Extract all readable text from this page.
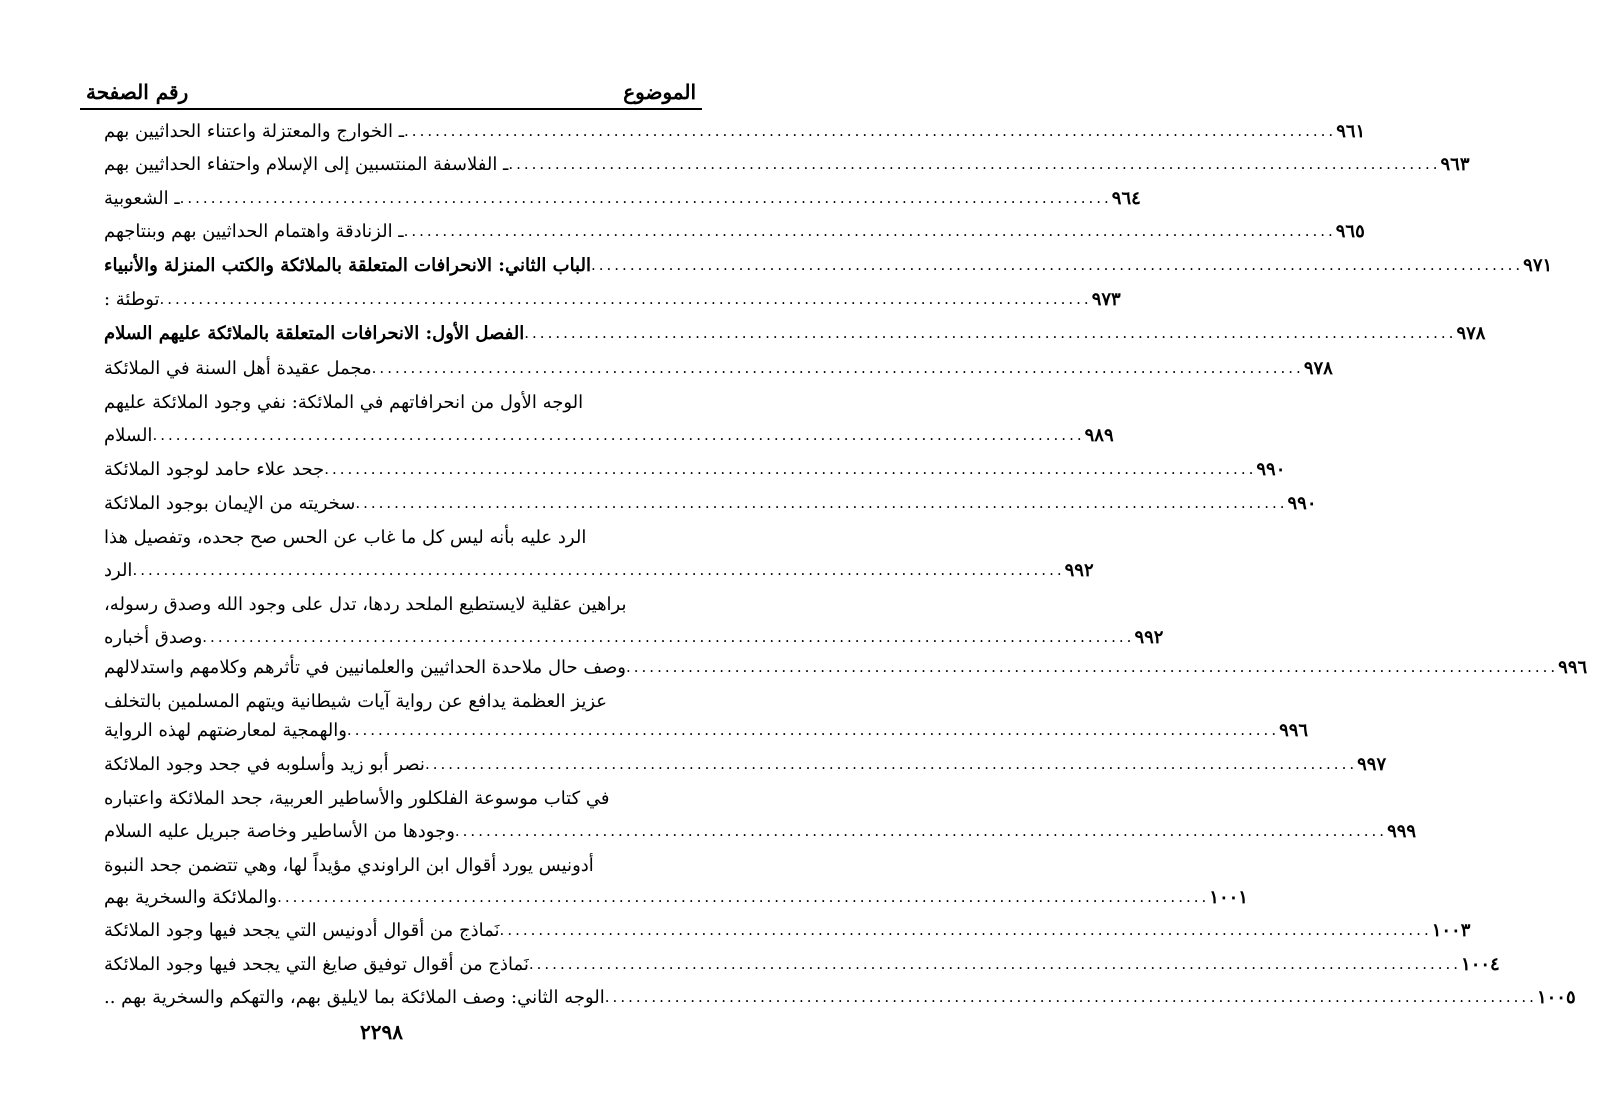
الموضوع
رقم الصفحة
ـ الخوارج والمعتزلة واعتناء الحداثيين بهم ........................................................................................................................ ٩٦١
ـ الفلاسفة المنتسبين إلى الإسلام واحتفاء الحداثيين بهم ........................................................................................................................ ٩٦٣
ـ الشعوبية ........................................................................................................................ ٩٦٤
ـ الزنادقة واهتمام الحداثيين بهم وبنتاجهم ........................................................................................................................ ٩٦٥
الباب الثاني: الانحرافات المتعلقة بالملائكة والكتب المنزلة والأنبياء ........................................................................................................................ ٩٧١
توطئة : ........................................................................................................................ ٩٧٣
الفصل الأول: الانحرافات المتعلقة بالملائكة عليهم السلام ........................................................................................................................ ٩٧٨
مجمل عقيدة أهل السنة في الملائكة ........................................................................................................................ ٩٧٨
الوجه الأول من انحرافاتهم في الملائكة: نفي وجود الملائكة عليهم
السلام ........................................................................................................................ ٩٨٩
جحد علاء حامد لوجود الملائكة ........................................................................................................................ ٩٩٠
سخريته من الإيمان بوجود الملائكة ........................................................................................................................ ٩٩٠
الرد عليه بأنه ليس كل ما غاب عن الحس صح جحده، وتفصيل هذا
الرد ........................................................................................................................ ٩٩٢
براهين عقلية لايستطيع الملحد ردها، تدل على وجود الله وصدق رسوله،
وصدق أخباره ........................................................................................................................ ٩٩٢
وصف حال ملاحدة الحداثيين والعلمانيين في تأثرهم وكلامهم واستدلالهم ........................................................................................................................ ٩٩٦
عزيز العظمة يدافع عن رواية آيات شيطانية ويتهم المسلمين بالتخلف
والهمجية لمعارضتهم لهذه الرواية ........................................................................................................................ ٩٩٦
نصر أبو زيد وأسلوبه في جحد وجود الملائكة ........................................................................................................................ ٩٩٧
في كتاب موسوعة الفلكلور والأساطير العربية، جحد الملائكة واعتباره
وجودها من الأساطير وخاصة جبريل عليه السلام ........................................................................................................................ ٩٩٩
أدونيس يورد أقوال ابن الراوندي مؤيداً لها، وهي تتضمن جحد النبوة
والملائكة والسخرية بهم ........................................................................................................................ ١٠٠١
نَماذج من أقوال أدونيس التي يجحد فيها وجود الملائكة ........................................................................................................................ ١٠٠٣
نَماذج من أقوال توفيق صايغ التي يجحد فيها وجود الملائكة ........................................................................................................................ ١٠٠٤
الوجه الثاني: وصف الملائكة بما لايليق بهم، والتهكم والسخرية بهم .. ........................................................................................................................ ١٠٠٥
٢٢٩٨
